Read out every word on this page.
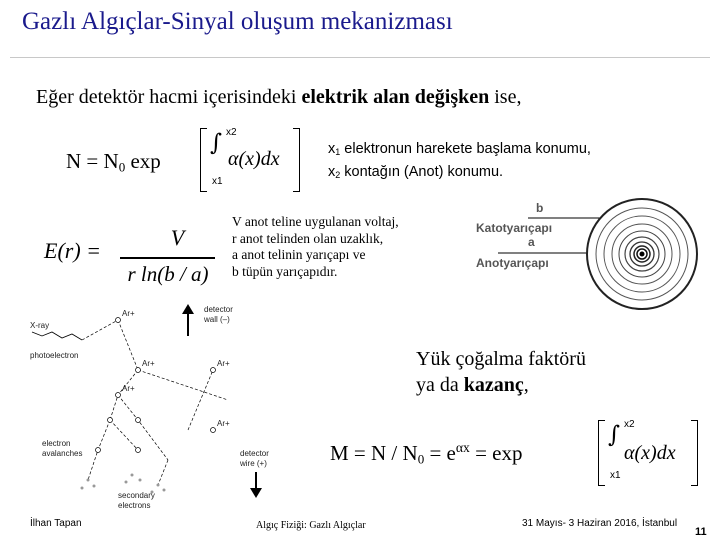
Gazlı Algıçlar-Sinyal oluşum mekanizması
Eğer detektör hacmi içerisindeki elektrik alan değişken ise,
$N = N_0$ exp
∫ x2
x1
α(x)dx	$x_1$ elektronun harekete başlama konumu,
$x_2$ kontağın (Anot) konumu.
E(r) =
V
r ln(b / a)
V anot teline uygulanan voltaj,
r anot telinden olan uzaklık,
a anot telinin yarıçapı ve
b tüpün yarıçapıdır.
b
Katotyarıçapı
a
Anotyarıçapı
detector
wall (–)
X-ray
photoelectron
Ar+
Ar+
Ar+
Ar+
Ar+
electron
avalanches
secondary
electrons
detector
wire (+)
Yük çoğalma faktörü
ya da kazanç,
$M = N / N_0 = e^{\alpha x} = \exp$
∫ x2
x1
α(x)dx
İlhan Tapan	Algıç Fiziği: Gazlı Algıçlar	31 Mayıs- 3 Haziran 2016, İstanbul
11
